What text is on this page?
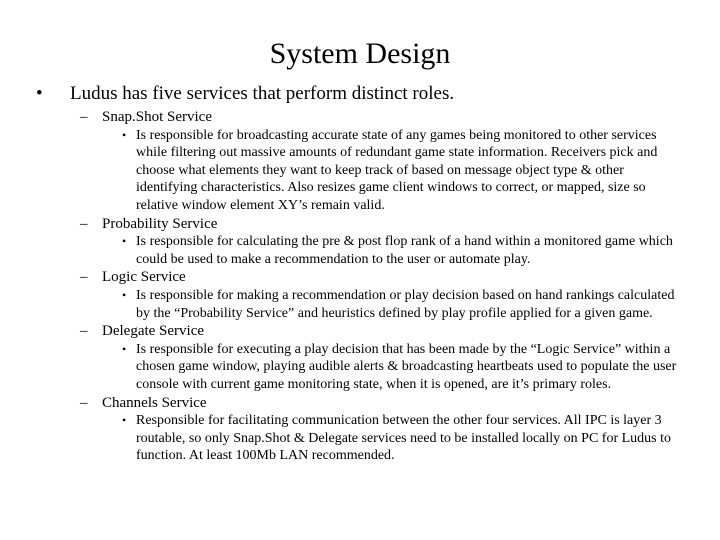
System Design
•	Ludus has five services that perform distinct roles.
– Snap.Shot Service
• Is responsible for broadcasting accurate state of any games being monitored to other services while filtering out massive amounts of redundant game state information. Receivers pick and choose what elements they want to keep track of based on message object type & other identifying characteristics. Also resizes game client windows to correct, or mapped, size so relative window element XY’s remain valid.
– Probability Service
• Is responsible for calculating the pre & post flop rank of a hand within a monitored game which could be used to make a recommendation to the user or automate play.
– Logic Service
• Is responsible for making a recommendation or play decision based on hand rankings calculated by the “Probability Service” and heuristics defined by play profile applied for a given game.
– Delegate Service
• Is responsible for executing a play decision that has been made by the “Logic Service” within a chosen game window, playing audible alerts & broadcasting heartbeats used to populate the user console with current game monitoring state, when it is opened, are it’s primary roles.
– Channels Service
• Responsible for facilitating communication between the other four services. All IPC is layer 3 routable, so only Snap.Shot & Delegate services need to be installed locally on PC for Ludus to function. At least 100Mb LAN recommended.
